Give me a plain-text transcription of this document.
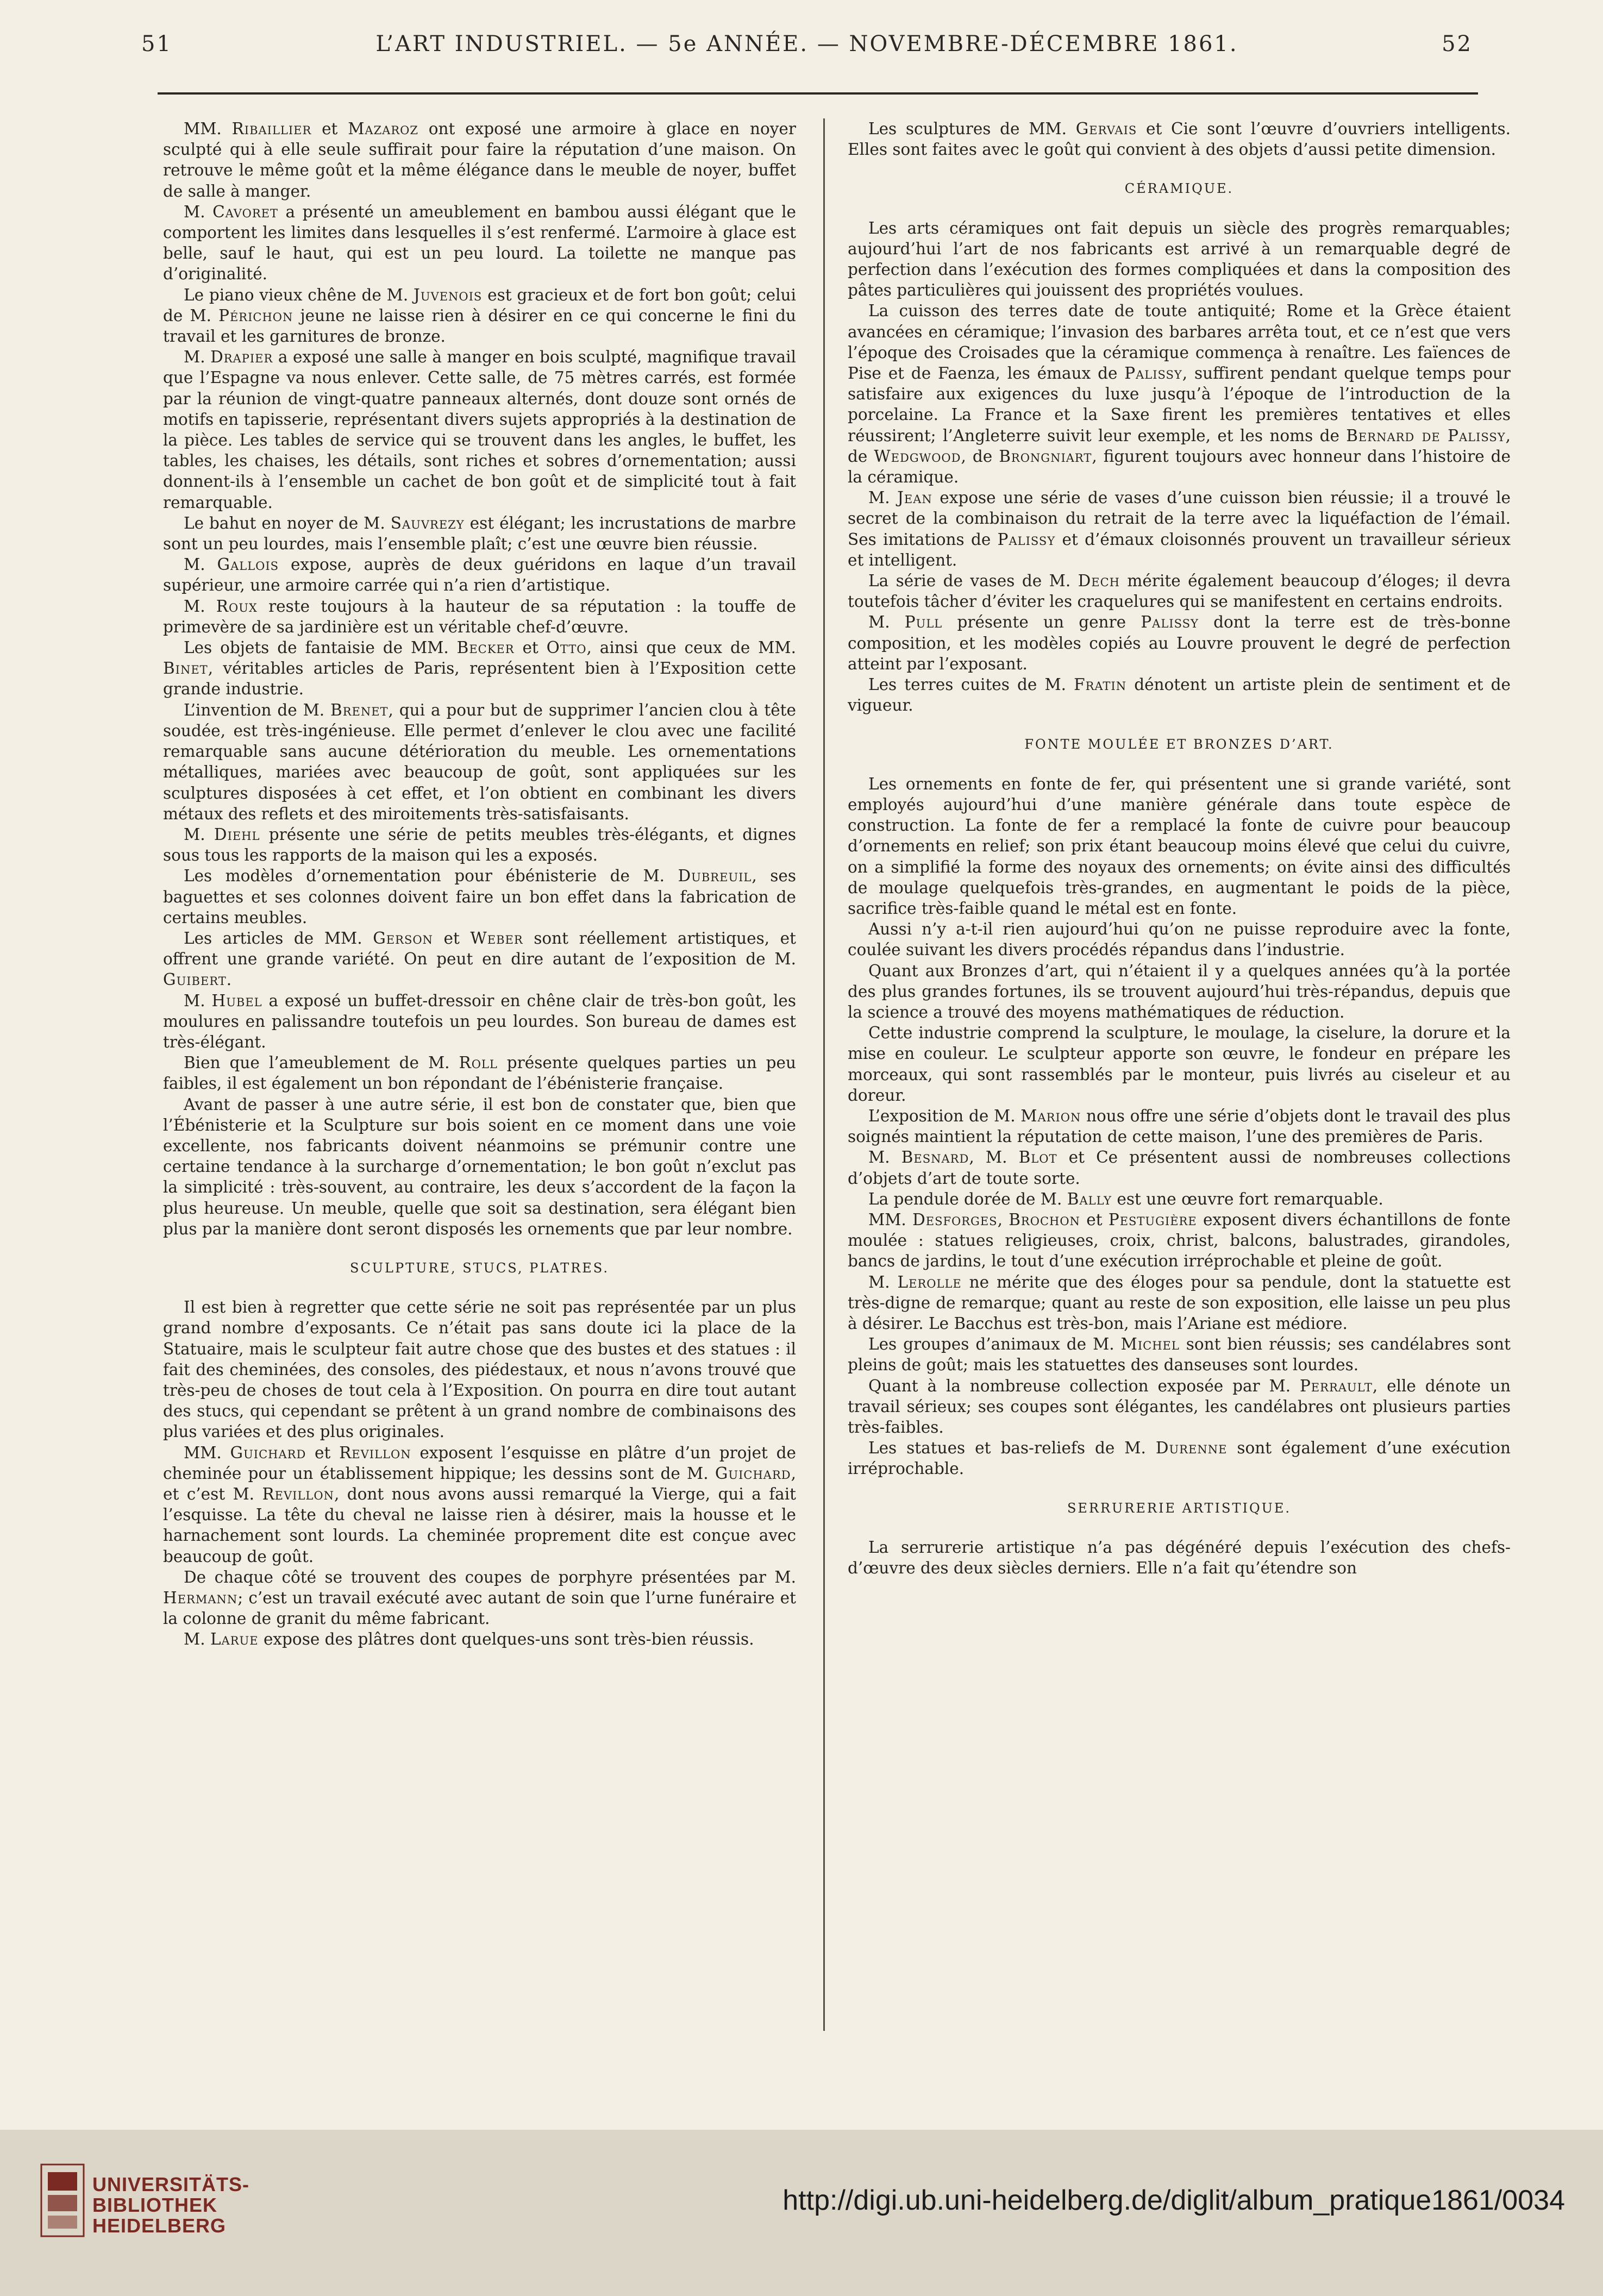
51	L’ART INDUSTRIEL. — 5e ANNÉE. — NOVEMBRE-DÉCEMBRE 1861.	52

MM. Ribaillier et Mazaroz ont exposé une armoire à glace en noyer sculpté qui à elle seule suffirait pour faire la réputation d’une maison. On retrouve le même goût et la même élégance dans le meuble de noyer, buffet de salle à manger.

M. Cavoret a présenté un ameublement en bambou aussi élégant que le comportent les limites dans lesquelles il s’est renfermé. L’armoire à glace est belle, sauf le haut, qui est un peu lourd. La toilette ne manque pas d’originalité.

Le piano vieux chêne de M. Juvenois est gracieux et de fort bon goût; celui de M. Périchon jeune ne laisse rien à désirer en ce qui concerne le fini du travail et les garnitures de bronze.

M. Drapier a exposé une salle à manger en bois sculpté, magnifique travail que l’Espagne va nous enlever. Cette salle, de 75 mètres carrés, est formée par la réunion de vingt-quatre panneaux alternés, dont douze sont ornés de motifs en tapisserie, représentant divers sujets appropriés à la destination de la pièce. Les tables de service qui se trouvent dans les angles, le buffet, les tables, les chaises, les détails, sont riches et sobres d’ornementation; aussi donnent-ils à l’ensemble un cachet de bon goût et de simplicité tout à fait remarquable.

Le bahut en noyer de M. Sauvrezy est élégant; les incrustations de marbre sont un peu lourdes, mais l’ensemble plaît; c’est une œuvre bien réussie.

M. Gallois expose, auprès de deux guéridons en laque d’un travail supérieur, une armoire carrée qui n’a rien d’artistique.

M. Roux reste toujours à la hauteur de sa réputation : la touffe de primevère de sa jardinière est un véritable chef-d’œuvre.

Les objets de fantaisie de MM. Becker et Otto, ainsi que ceux de MM. Binet, véritables articles de Paris, représentent bien à l’Exposition cette grande industrie.

L’invention de M. Brenet, qui a pour but de supprimer l’ancien clou à tête soudée, est très-ingénieuse. Elle permet d’enlever le clou avec une facilité remarquable sans aucune détérioration du meuble. Les ornementations métalliques, mariées avec beaucoup de goût, sont appliquées sur les sculptures disposées à cet effet, et l’on obtient en combinant les divers métaux des reflets et des miroitements très-satisfaisants.

M. Diehl présente une série de petits meubles très-élégants, et dignes sous tous les rapports de la maison qui les a exposés.

Les modèles d’ornementation pour ébénisterie de M. Dubreuil, ses baguettes et ses colonnes doivent faire un bon effet dans la fabrication de certains meubles.

Les articles de MM. Gerson et Weber sont réellement artistiques, et offrent une grande variété. On peut en dire autant de l’exposition de M. Guibert.

M. Hubel a exposé un buffet-dressoir en chêne clair de très-bon goût, les moulures en palissandre toutefois un peu lourdes. Son bureau de dames est très-élégant.

Bien que l’ameublement de M. Roll présente quelques parties un peu faibles, il est également un bon répondant de l’ébénisterie française.

Avant de passer à une autre série, il est bon de constater que, bien que l’Ébénisterie et la Sculpture sur bois soient en ce moment dans une voie excellente, nos fabricants doivent néanmoins se prémunir contre une certaine tendance à la surcharge d’ornementation; le bon goût n’exclut pas la simplicité : très-souvent, au contraire, les deux s’accordent de la façon la plus heureuse. Un meuble, quelle que soit sa destination, sera élégant bien plus par la manière dont seront disposés les ornements que par leur nombre.

SCULPTURE, STUCS, PLATRES.

Il est bien à regretter que cette série ne soit pas représentée par un plus grand nombre d’exposants. Ce n’était pas sans doute ici la place de la Statuaire, mais le sculpteur fait autre chose que des bustes et des statues : il fait des cheminées, des consoles, des piédestaux, et nous n’avons trouvé que très-peu de choses de tout cela à l’Exposition. On pourra en dire tout autant des stucs, qui cependant se prêtent à un grand nombre de combinaisons des plus variées et des plus originales.

MM. Guichard et Revillon exposent l’esquisse en plâtre d’un projet de cheminée pour un établissement hippique; les dessins sont de M. Guichard, et c’est M. Revillon, dont nous avons aussi remarqué la Vierge, qui a fait l’esquisse. La tête du cheval ne laisse rien à désirer, mais la housse et le harnachement sont lourds. La cheminée proprement dite est conçue avec beaucoup de goût.

De chaque côté se trouvent des coupes de porphyre présentées par M. Hermann; c’est un travail exécuté avec autant de soin que l’urne funéraire et la colonne de granit du même fabricant.

M. Larue expose des plâtres dont quelques-uns sont très-bien réussis.

Les sculptures de MM. Gervais et Cie sont l’œuvre d’ouvriers intelligents. Elles sont faites avec le goût qui convient à des objets d’aussi petite dimension.

CÉRAMIQUE.

Les arts céramiques ont fait depuis un siècle des progrès remarquables; aujourd’hui l’art de nos fabricants est arrivé à un remarquable degré de perfection dans l’exécution des formes compliquées et dans la composition des pâtes particulières qui jouissent des propriétés voulues.

La cuisson des terres date de toute antiquité; Rome et la Grèce étaient avancées en céramique; l’invasion des barbares arrêta tout, et ce n’est que vers l’époque des Croisades que la céramique commença à renaître. Les faïences de Pise et de Faenza, les émaux de Palissy, suffirent pendant quelque temps pour satisfaire aux exigences du luxe jusqu’à l’époque de l’introduction de la porcelaine. La France et la Saxe firent les premières tentatives et elles réussirent; l’Angleterre suivit leur exemple, et les noms de Bernard de Palissy, de Wedgwood, de Brongniart, figurent toujours avec honneur dans l’histoire de la céramique.

M. Jean expose une série de vases d’une cuisson bien réussie; il a trouvé le secret de la combinaison du retrait de la terre avec la liquéfaction de l’émail. Ses imitations de Palissy et d’émaux cloisonnés prouvent un travailleur sérieux et intelligent.

La série de vases de M. Dech mérite également beaucoup d’éloges; il devra toutefois tâcher d’éviter les craquelures qui se manifestent en certains endroits.

M. Pull présente un genre Palissy dont la terre est de très-bonne composition, et les modèles copiés au Louvre prouvent le degré de perfection atteint par l’exposant.

Les terres cuites de M. Fratin dénotent un artiste plein de sentiment et de vigueur.

FONTE MOULÉE ET BRONZES D’ART.

Les ornements en fonte de fer, qui présentent une si grande variété, sont employés aujourd’hui d’une manière générale dans toute espèce de construction. La fonte de fer a remplacé la fonte de cuivre pour beaucoup d’ornements en relief; son prix étant beaucoup moins élevé que celui du cuivre, on a simplifié la forme des noyaux des ornements; on évite ainsi des difficultés de moulage quelquefois très-grandes, en augmentant le poids de la pièce, sacrifice très-faible quand le métal est en fonte.

Aussi n’y a-t-il rien aujourd’hui qu’on ne puisse reproduire avec la fonte, coulée suivant les divers procédés répandus dans l’industrie.

Quant aux Bronzes d’art, qui n’étaient il y a quelques années qu’à la portée des plus grandes fortunes, ils se trouvent aujourd’hui très-répandus, depuis que la science a trouvé des moyens mathématiques de réduction.

Cette industrie comprend la sculpture, le moulage, la ciselure, la dorure et la mise en couleur. Le sculpteur apporte son œuvre, le fondeur en prépare les morceaux, qui sont rassemblés par le monteur, puis livrés au ciseleur et au doreur.

L’exposition de M. Marion nous offre une série d’objets dont le travail des plus soignés maintient la réputation de cette maison, l’une des premières de Paris.

M. Besnard, M. Blot et Ce présentent aussi de nombreuses collections d’objets d’art de toute sorte.

La pendule dorée de M. Bally est une œuvre fort remarquable.

MM. Desforges, Brochon et Pestugière exposent divers échantillons de fonte moulée : statues religieuses, croix, christ, balcons, balustrades, girandoles, bancs de jardins, le tout d’une exécution irréprochable et pleine de goût.

M. Lerolle ne mérite que des éloges pour sa pendule, dont la statuette est très-digne de remarque; quant au reste de son exposition, elle laisse un peu plus à désirer. Le Bacchus est très-bon, mais l’Ariane est médiore.

Les groupes d’animaux de M. Michel sont bien réussis; ses candélabres sont pleins de goût; mais les statuettes des danseuses sont lourdes.

Quant à la nombreuse collection exposée par M. Perrault, elle dénote un travail sérieux; ses coupes sont élégantes, les candélabres ont plusieurs parties très-faibles.

Les statues et bas-reliefs de M. Durenne sont également d’une exécution irréprochable.

SERRURERIE ARTISTIQUE.

La serrurerie artistique n’a pas dégénéré depuis l’exécution des chefs-d’œuvre des deux siècles derniers. Elle n’a fait qu’étendre son

UNIVERSITÄTS-
BIBLIOTHEK
HEIDELBERG
http://digi.ub.uni-heidelberg.de/diglit/album_pratique1861/0034
